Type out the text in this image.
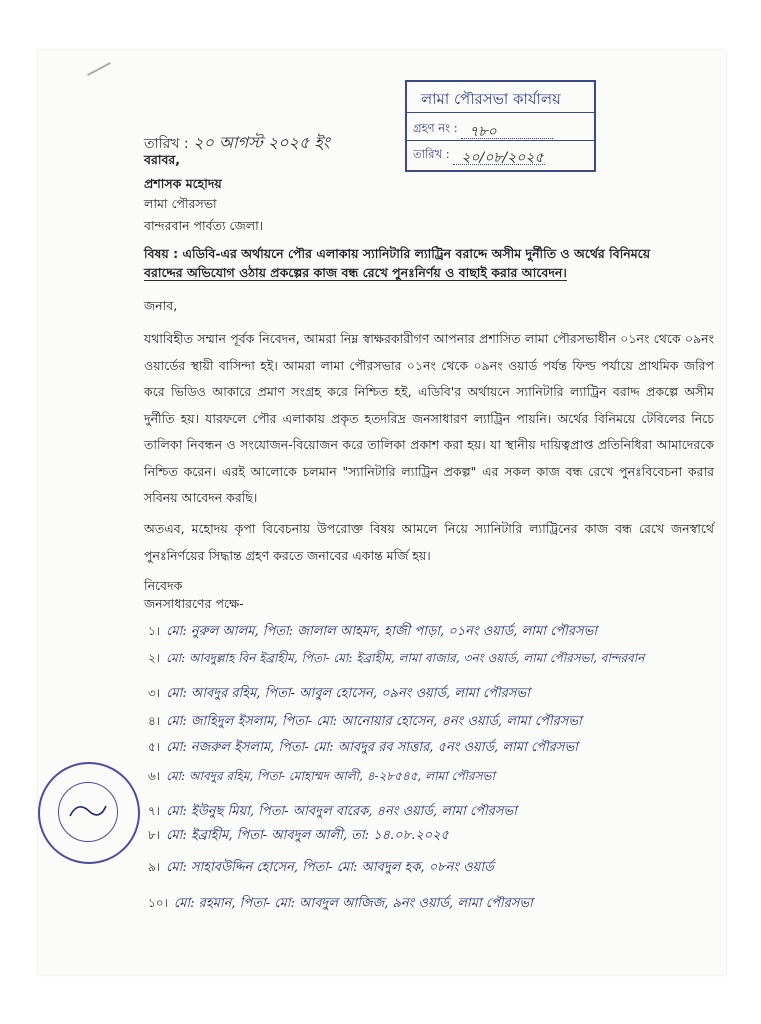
লামা পৌরসভা কার্যালয়
গ্রহণ নং : ৭৮০
তারিখ : ২০/০৮/২০২৫
তারিখ : ২০ আগস্ট ২০২৫ ইং
বরাবর,
প্রশাসক মহোদয়
লামা পৌরসভা
বান্দরবান পার্বত্য জেলা।
বিষয় : এডিবি-এর অর্থায়নে পৌর এলাকায় স্যানিটারি ল্যাট্রিন বরাদ্দে অসীম দুর্নীতি ও অর্থের বিনিময়ে
বরাদ্দের অভিযোগ ওঠায় প্রকল্পের কাজ বন্ধ রেখে পুনঃনির্ণয় ও বাছাই করার আবেদন।
জনাব,
যথাবিহীত সম্মান পূর্বক নিবেদন, আমরা নিম্ন স্বাক্ষরকারীগণ আপনার প্রশাসিত লামা পৌরসভাধীন ০১নং থেকে ০৯নং ওয়ার্ডের স্থায়ী বাসিন্দা হই। আমরা লামা পৌরসভার ০১নং থেকে ০৯নং ওয়ার্ড পর্যন্ত ফিল্ড পর্যায়ে প্রাথমিক জরিপ করে ভিডিও আকারে প্রমাণ সংগ্রহ করে নিশ্চিত হই, এডিবি'র অর্থায়নে স্যানিটারি ল্যাট্রিন বরাদ্দ প্রকল্পে অসীম দুর্নীতি হয়। যারফলে পৌর এলাকায় প্রকৃত হতদরিদ্র জনসাধারণ ল্যাট্রিন পায়নি। অর্থের বিনিময়ে টেবিলের নিচে তালিকা নিবন্ধন ও সংযোজন-বিয়োজন করে তালিকা প্রকাশ করা হয়। যা স্থানীয় দায়িত্বপ্রাপ্ত প্রতিনিধিরা আমাদেরকে নিশ্চিত করেন। এরই আলোকে চলমান "স্যানিটারি ল্যাট্রিন প্রকল্প" এর সকল কাজ বন্ধ রেখে পুনঃবিবেচনা করার সবিনয় আবেদন করছি।
অতএব, মহোদয় কৃপা বিবেচনায় উপরোক্ত বিষয় আমলে নিয়ে স্যানিটারি ল্যাট্রিনের কাজ বন্ধ রেখে জনস্বার্থে পুনঃনির্ণয়ের সিদ্ধান্ত গ্রহণ করতে জনাবের একান্ত মর্জি হয়।
নিবেদক
জনসাধারণের পক্ষে-
১। মো: নুরুল আলম, পিতা: জালাল আহমদ, হাজী পাড়া, ০১নং ওয়ার্ড, লামা পৌরসভা
২। মো: আবদুল্লাহ বিন ইব্রাহীম, পিতা- মো: ইব্রাহীম, লামা বাজার, ৩নং ওয়ার্ড, লামা পৌরসভা, বান্দরবান
৩। মো: আবদুর রহিম, পিতা- আবুল হোসেন, ০৯নং ওয়ার্ড, লামা পৌরসভা
৪। মো: জাহিদুল ইসলাম, পিতা- মো: আনোয়ার হোসেন, ৪নং ওয়ার্ড, লামা পৌরসভা
৫। মো: নজরুল ইসলাম, পিতা- মো: আবদুর রব সাত্তার, ৫নং ওয়ার্ড, লামা পৌরসভা
৬। মো: আবদুর রহিম, পিতা- মোহাম্মদ আলী, ৪-২৮৫৪৫, লামা পৌরসভা
৭। মো: ইউনুছ মিয়া, পিতা- আবদুল বারেক, ৪নং ওয়ার্ড, লামা পৌরসভা
৮। মো: ইব্রাহীম, পিতা- আবদুল আলী, তা: ১৪.০৮.২০২৫
৯। মো: সাহাবউদ্দিন হোসেন, পিতা- মো: আবদুল হক, ০৮নং ওয়ার্ড
১০। মো: রহমান, পিতা- মো: আবদুল আজিজ, ৯নং ওয়ার্ড, লামা পৌরসভা
